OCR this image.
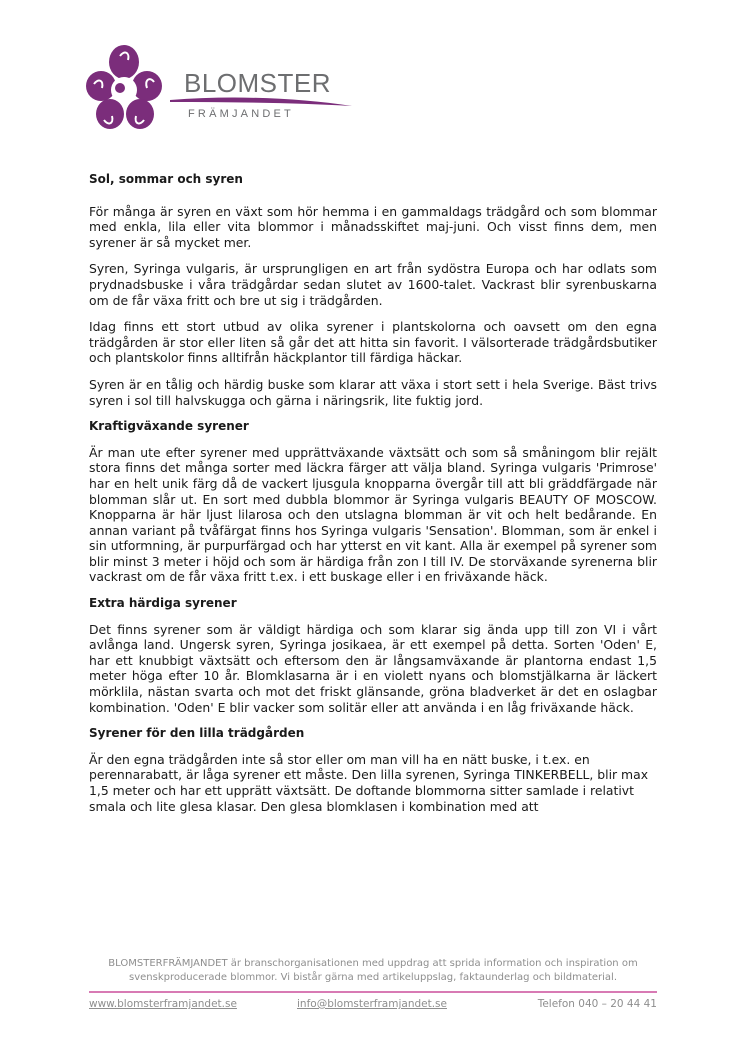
BLOMSTER
FRÄMJANDET
Sol, sommar och syren

För många är syren en växt som hör hemma i en gammaldags trädgård och som blommar med enkla, lila eller vita blommor i månadsskiftet maj-juni. Och visst finns dem, men syrener är så mycket mer.

Syren, Syringa vulgaris, är ursprungligen en art från sydöstra Europa och har odlats som prydnadsbuske i våra trädgårdar sedan slutet av 1600-talet. Vackrast blir syrenbuskarna om de får växa fritt och bre ut sig i trädgården.

Idag finns ett stort utbud av olika syrener i plantskolorna och oavsett om den egna trädgården är stor eller liten så går det att hitta sin favorit. I välsorterade trädgårdsbutiker och plantskolor finns alltifrån häckplantor till färdiga häckar.

Syren är en tålig och härdig buske som klarar att växa i stort sett i hela Sverige. Bäst trivs syren i sol till halvskugga och gärna i näringsrik, lite fuktig jord.

Kraftigväxande syrener

Är man ute efter syrener med upprättväxande växtsätt och som så småningom blir rejält stora finns det många sorter med läckra färger att välja bland. Syringa vulgaris 'Primrose' har en helt unik färg då de vackert ljusgula knopparna övergår till att bli gräddfärgade när blomman slår ut. En sort med dubbla blommor är Syringa vulgaris BEAUTY OF MOSCOW. Knopparna är här ljust lilarosa och den utslagna blomman är vit och helt bedårande. En annan variant på tvåfärgat finns hos Syringa vulgaris 'Sensation'. Blomman, som är enkel i sin utformning, är purpurfärgad och har ytterst en vit kant. Alla är exempel på syrener som blir minst 3 meter i höjd och som är härdiga från zon I till IV. De storväxande syrenerna blir vackrast om de får växa fritt t.ex. i ett buskage eller i en friväxande häck.

Extra härdiga syrener

Det finns syrener som är väldigt härdiga och som klarar sig ända upp till zon VI i vårt avlånga land. Ungersk syren, Syringa josikaea, är ett exempel på detta. Sorten 'Oden' E, har ett knubbigt växtsätt och eftersom den är långsamväxande är plantorna endast 1,5 meter höga efter 10 år. Blomklasarna är i en violett nyans och blomstjälkarna är läckert mörklila, nästan svarta och mot det friskt glänsande, gröna bladverket är det en oslagbar kombination. 'Oden' E blir vacker som solitär eller att använda i en låg friväxande häck.

Syrener för den lilla trädgården

Är den egna trädgården inte så stor eller om man vill ha en nätt buske, i t.ex. en perennarabatt, är låga syrener ett måste. Den lilla syrenen, Syringa TINKERBELL, blir max 1,5 meter och har ett upprätt växtsätt. De doftande blommorna sitter samlade i relativt smala och lite glesa klasar. Den glesa blomklasen i kombination med att

BLOMSTERFRÄMJANDET är branschorganisationen med uppdrag att sprida information och inspiration om svenskproducerade blommor. Vi bistår gärna med artikeluppslag, faktaunderlag och bildmaterial.
www.blomsterframjandet.se	info@blomsterframjandet.se	Telefon 040 – 20 44 41
